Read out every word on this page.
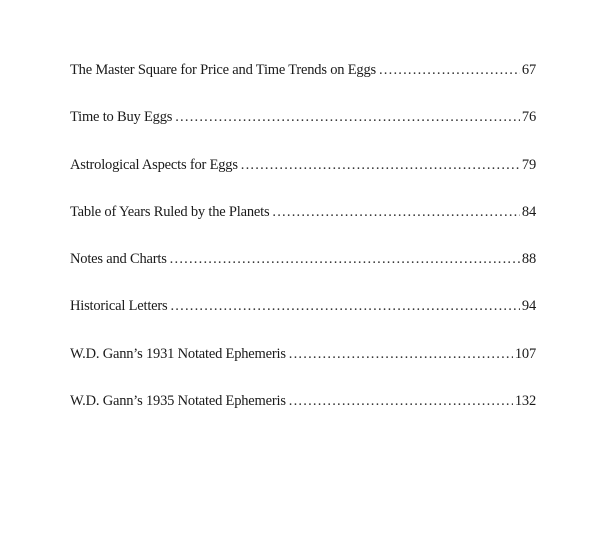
The Master Square for Price and Time Trends on Eggs .....	67
Time to Buy Eggs .....	76
Astrological Aspects for Eggs .....	79
Table of Years Ruled by the Planets .....	84
Notes and Charts .....	88
Historical Letters .....	94
W.D. Gann’s 1931 Notated Ephemeris .....	107
W.D. Gann’s 1935 Notated Ephemeris .....	132
